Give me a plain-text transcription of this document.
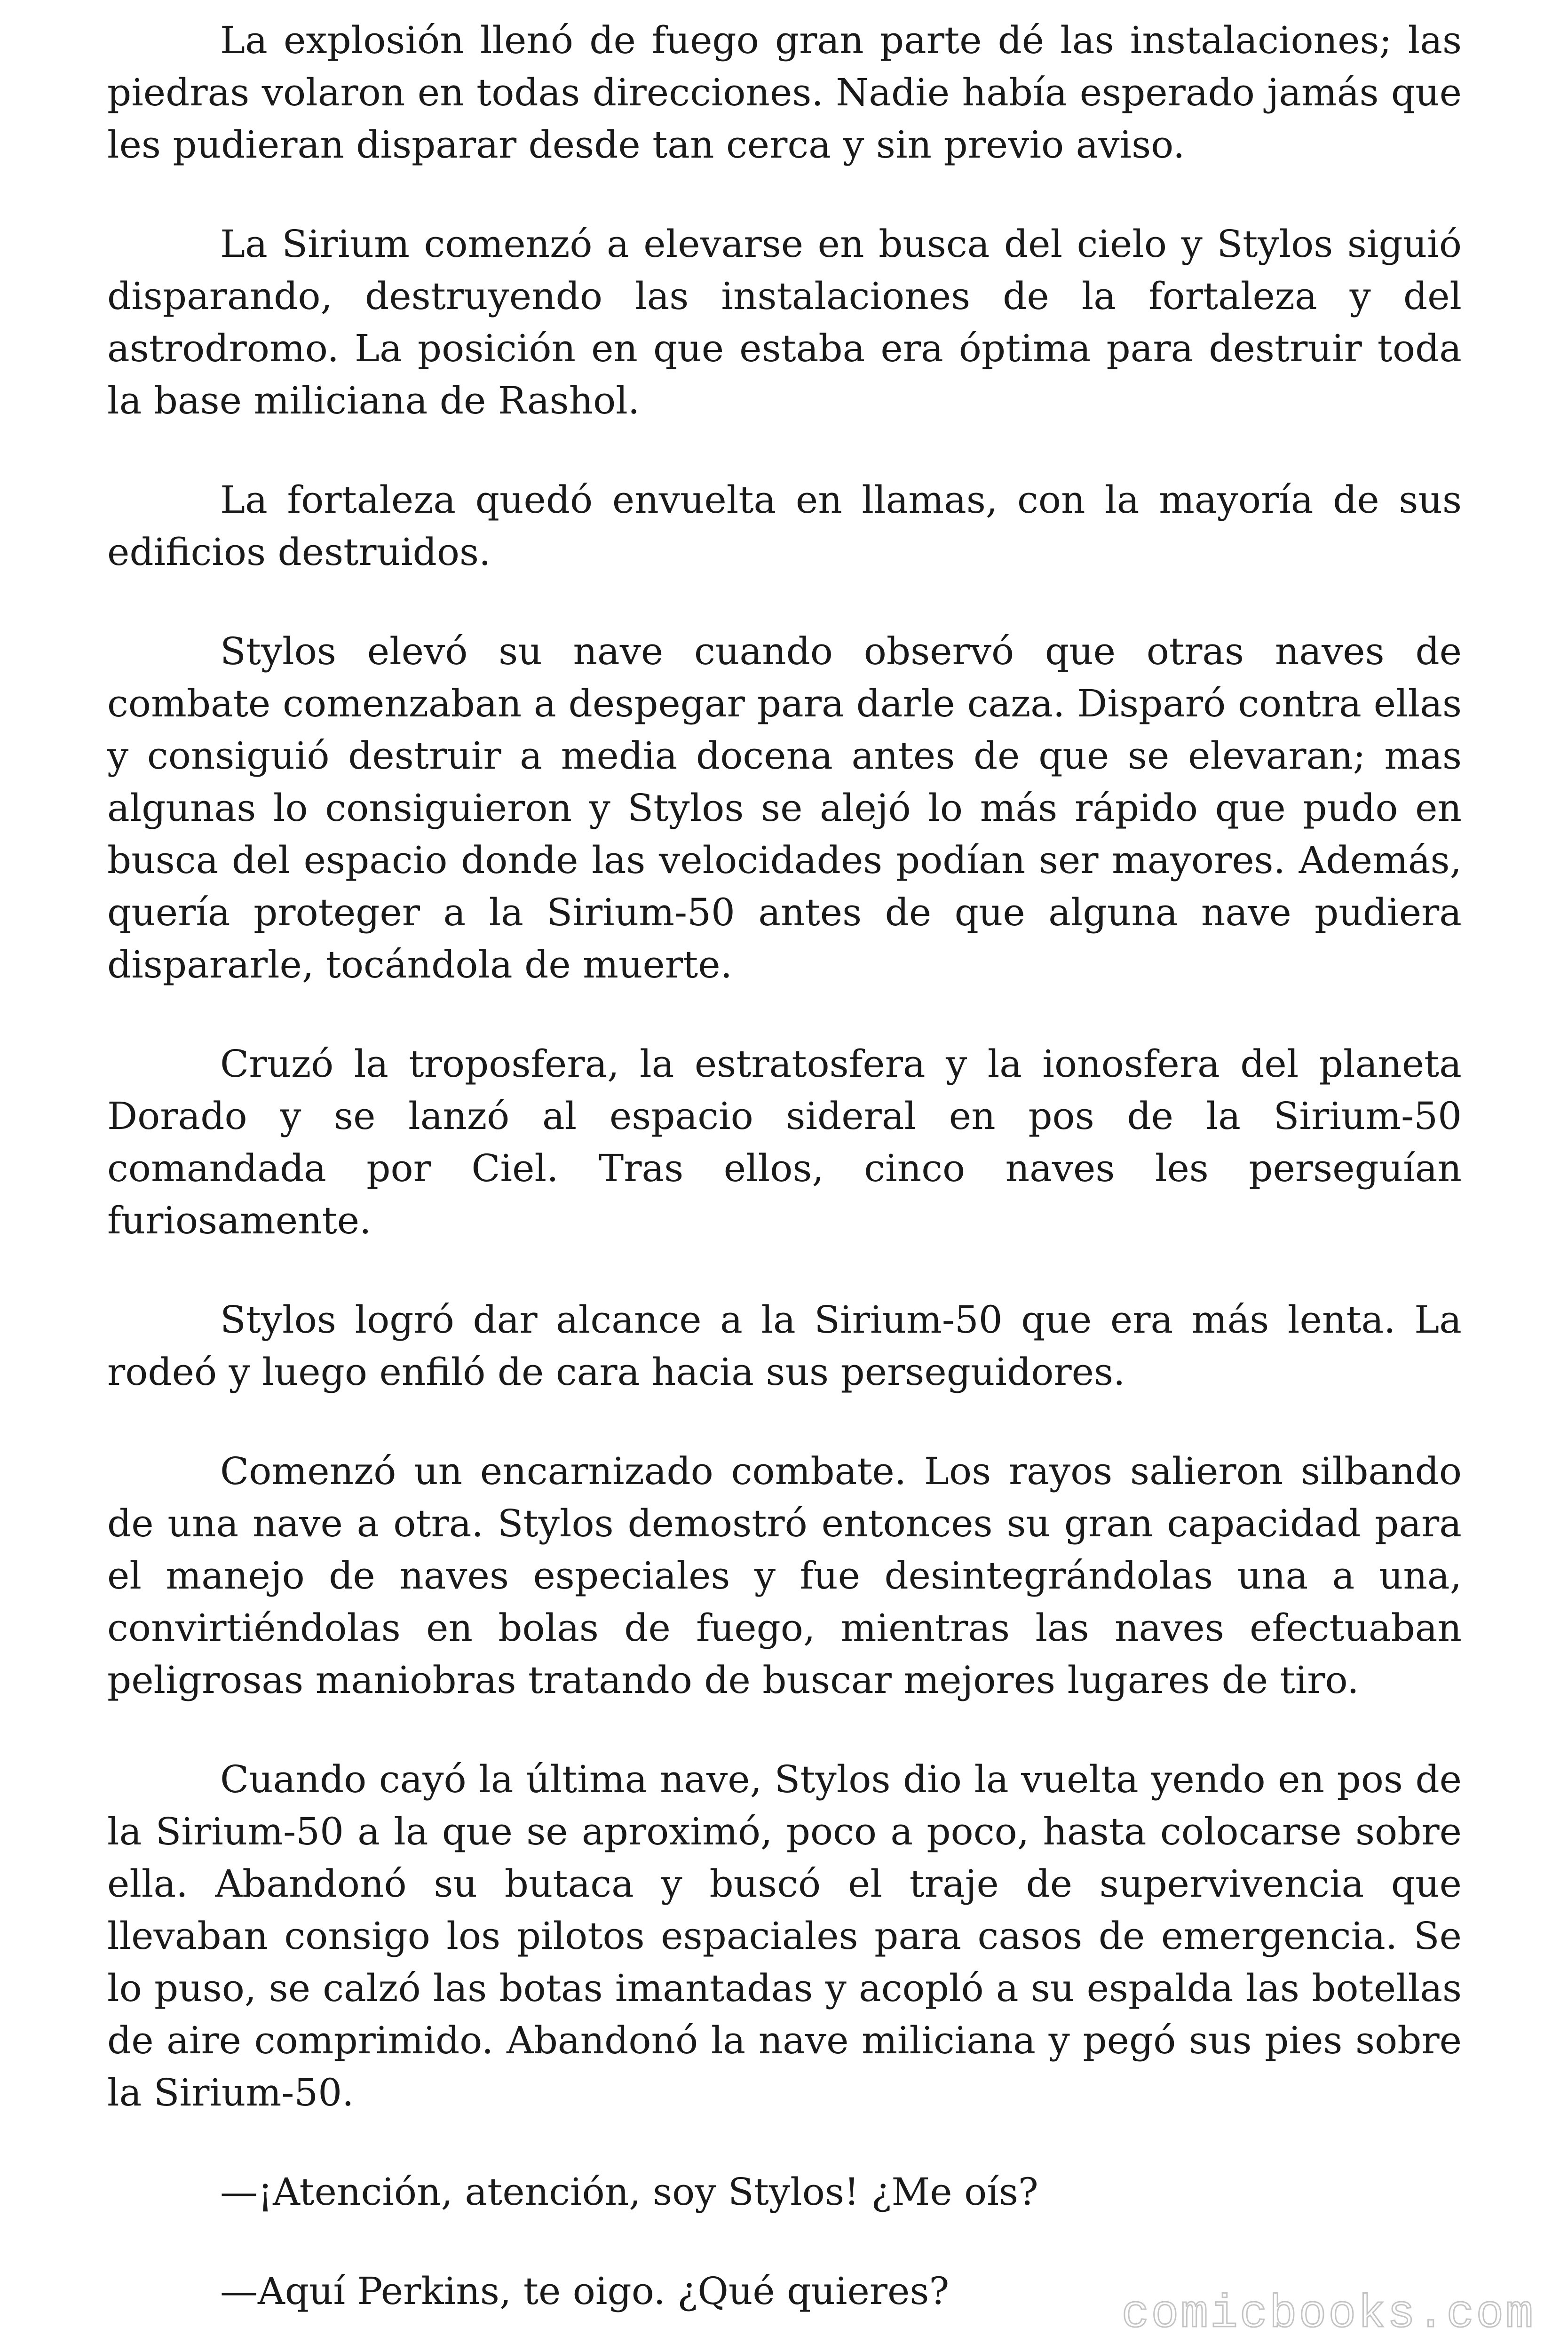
La explosión llenó de fuego gran parte dé las instalaciones; las piedras volaron en todas direcciones. Nadie había esperado jamás que les pudieran disparar desde tan cerca y sin previo aviso.

La Sirium comenzó a elevarse en busca del cielo y Stylos siguió disparando, destruyendo las instalaciones de la fortaleza y del astrodromo. La posición en que estaba era óptima para destruir toda la base miliciana de Rashol.

La fortaleza quedó envuelta en llamas, con la mayoría de sus edificios destruidos.

Stylos elevó su nave cuando observó que otras naves de combate comenzaban a despegar para darle caza. Disparó contra ellas y consiguió destruir a media docena antes de que se elevaran; mas algunas lo consiguieron y Stylos se alejó lo más rápido que pudo en busca del espacio donde las velocidades podían ser mayores. Además, quería proteger a la Sirium-50 antes de que alguna nave pudiera dispararle, tocándola de muerte.

Cruzó la troposfera, la estratosfera y la ionosfera del planeta Dorado y se lanzó al espacio sideral en pos de la Sirium-50 comandada por Ciel. Tras ellos, cinco naves les perseguían furiosamente.

Stylos logró dar alcance a la Sirium-50 que era más lenta. La rodeó y luego enfiló de cara hacia sus perseguidores.

Comenzó un encarnizado combate. Los rayos salieron silbando de una nave a otra. Stylos demostró entonces su gran capacidad para el manejo de naves especiales y fue desintegrándolas una a una, convirtiéndolas en bolas de fuego, mientras las naves efectuaban peligrosas maniobras tratando de buscar mejores lugares de tiro.

Cuando cayó la última nave, Stylos dio la vuelta yendo en pos de la Sirium-50 a la que se aproximó, poco a poco, hasta colocarse sobre ella. Abandonó su butaca y buscó el traje de supervivencia que llevaban consigo los pilotos espaciales para casos de emergencia. Se lo puso, se calzó las botas imantadas y acopló a su espalda las botellas de aire comprimido. Abandonó la nave miliciana y pegó sus pies sobre la Sirium-50.

—¡Atención, atención, soy Stylos! ¿Me oís?

—Aquí Perkins, te oigo. ¿Qué quieres?	comicbooks.com
